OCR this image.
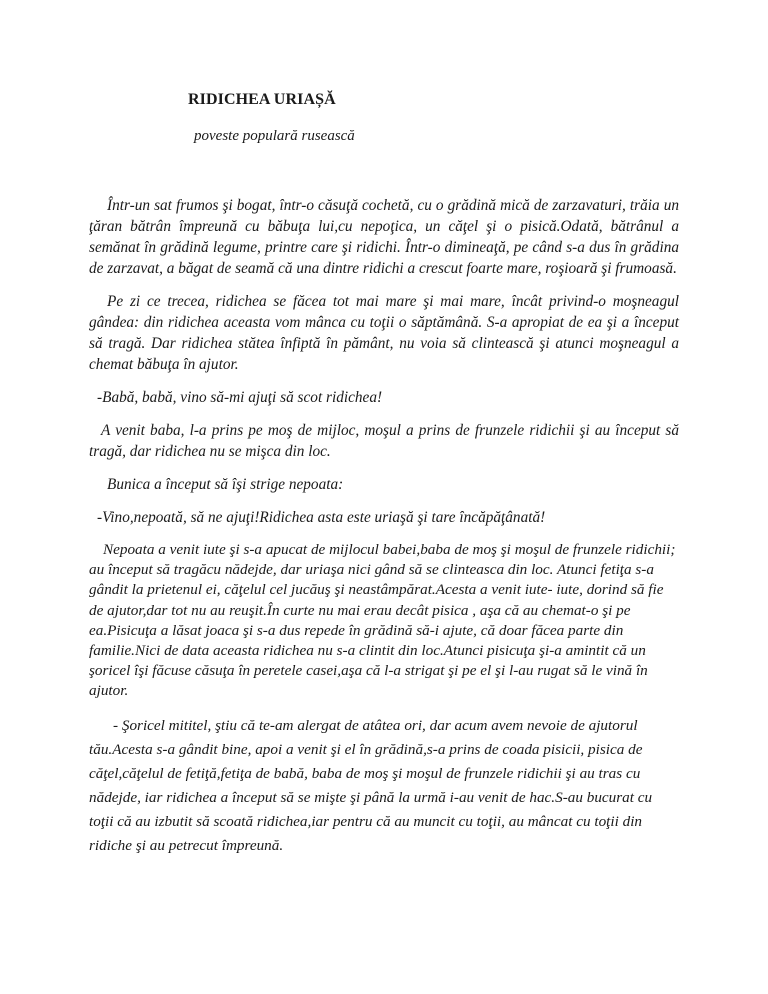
RIDICHEA URIAȘĂ

poveste populară rusească

Într-un sat frumos şi bogat, într-o căsuţă cochetă, cu o grădină mică de zarzavaturi, trăia un ţăran bătrân împreună cu băbuţa lui,cu nepoţica, un căţel şi o pisică.Odată, bătrânul a semănat în grădină legume, printre care şi ridichi. Într-o dimineaţă, pe când s-a dus în grădina de zarzavat, a băgat de seamă că una dintre ridichi a crescut foarte mare, roşioară şi frumoasă.

Pe zi ce trecea, ridichea se făcea tot mai mare şi mai mare, încât privind-o moşneagul gândea: din ridichea aceasta vom mânca cu toţii o săptămână. S-a apropiat de ea şi a început să tragă. Dar ridichea stătea înfiptă în pământ, nu voia să clintească şi atunci moşneagul a chemat băbuţa în ajutor.

-Babă, babă, vino să-mi ajuţi să scot ridichea!

A venit baba, l-a prins pe moş de mijloc, moşul a prins de frunzele ridichii şi au început să tragă, dar ridichea nu se mişca din loc.

Bunica a început să îşi strige nepoata:

-Vino,nepoată, să ne ajuţi!Ridichea asta este uriaşă şi tare încăpăţânată!

Nepoata a venit iute şi s-a apucat de mijlocul babei,baba de moş şi moşul de frunzele ridichii; au început să tragăcu nădejde, dar uriaşa nici gând să se clinteasca din loc. Atunci fetiţa s-a gândit la prietenul ei, căţelul cel jucăuş şi neastâmpărat.Acesta a venit iute- iute, dorind să fie de ajutor,dar tot nu au reuşit.În curte nu mai erau decât pisica , aşa că au chemat-o şi pe ea.Pisicuţa a lăsat joaca şi s-a dus repede în grădină să-i ajute, că doar făcea parte din familie.Nici de data aceasta ridichea nu s-a clintit din loc.Atunci pisicuţa şi-a amintit că un şoricel îşi făcuse căsuţa în peretele casei,aşa că l-a strigat şi pe el şi l-au rugat să le vină în ajutor.

- Şoricel mititel, ştiu că te-am alergat de atâtea ori, dar acum avem nevoie de ajutorul tău.Acesta s-a gândit bine, apoi a venit şi el în grădină,s-a prins de coada pisicii, pisica de căţel,căţelul de fetiţă,fetiţa de babă, baba de moş şi moşul de frunzele ridichii şi au tras cu nădejde, iar ridichea a început să se mişte şi până la urmă i-au venit de hac.S-au bucurat cu toţii că au izbutit să scoată ridichea,iar pentru că au muncit cu toţii, au mâncat cu toţii din ridiche şi au petrecut împreună.
